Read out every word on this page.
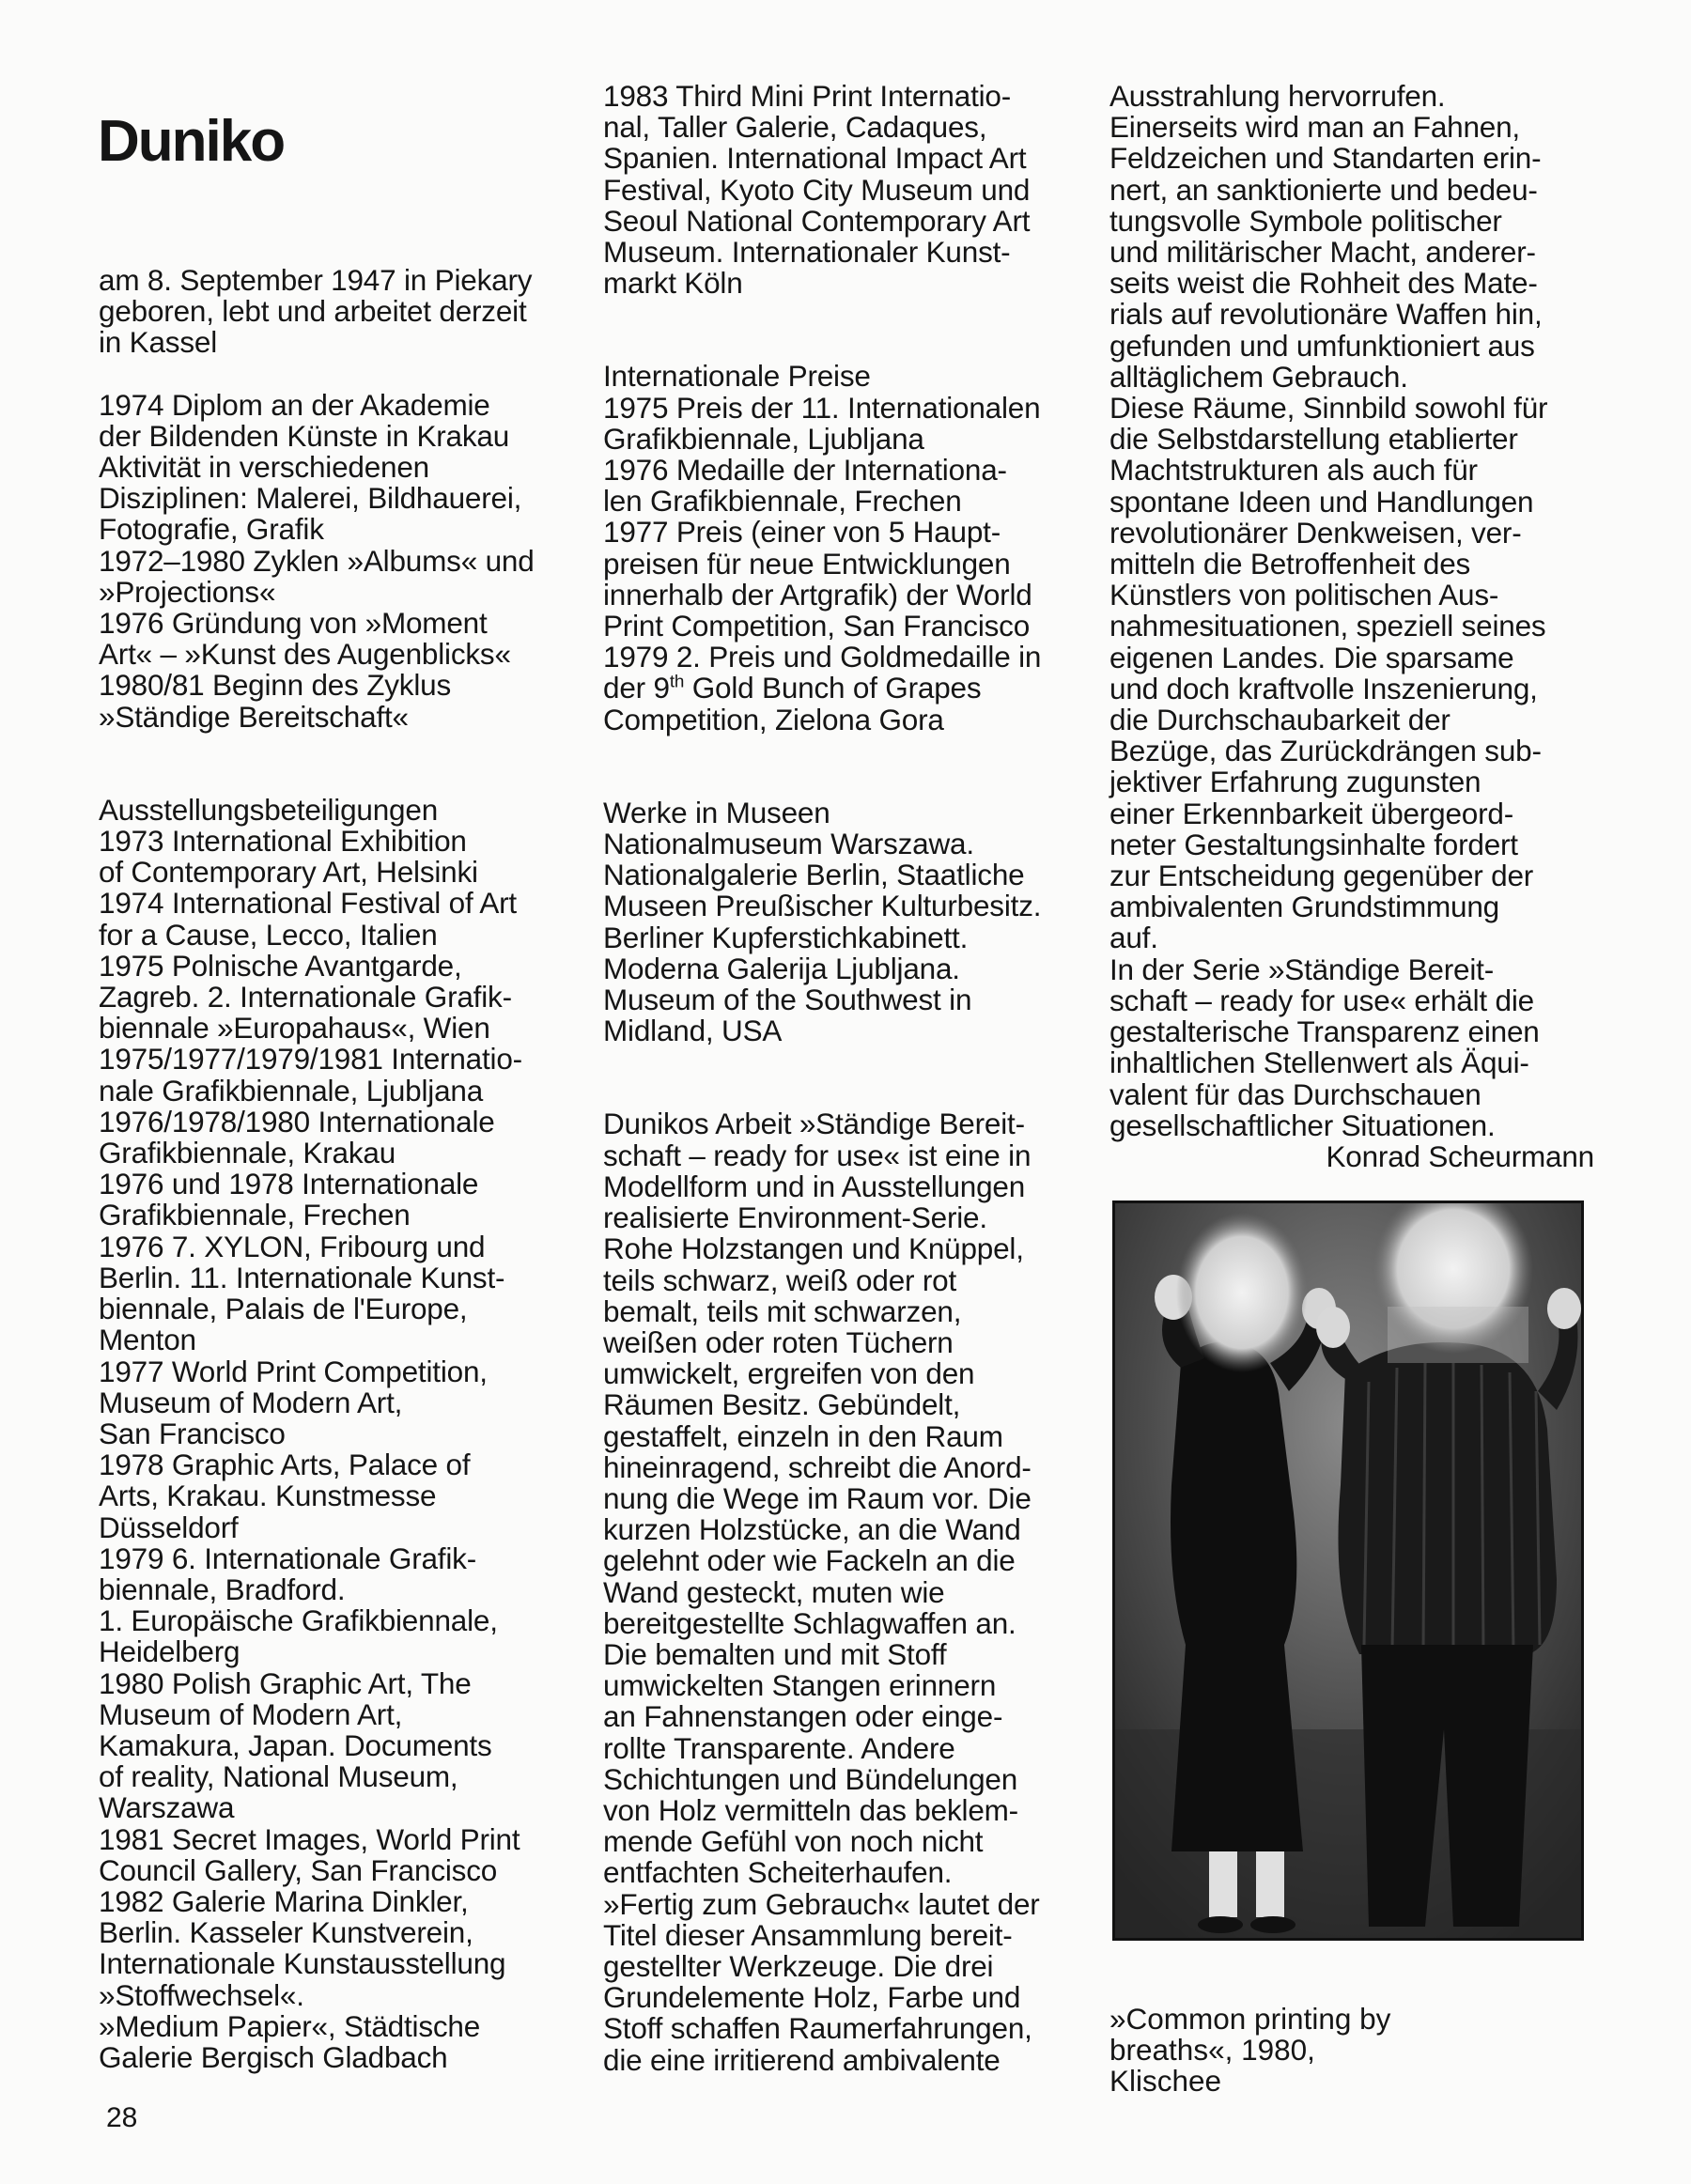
Duniko

am 8. September 1947 in Piekary
geboren, lebt und arbeitet derzeit
in Kassel

1974 Diplom an der Akademie
der Bildenden Künste in Krakau
Aktivität in verschiedenen
Disziplinen: Malerei, Bildhauerei,
Fotografie, Grafik
1972–1980 Zyklen »Albums« und
»Projections«
1976 Gründung von »Moment
Art« – »Kunst des Augenblicks«
1980/81 Beginn des Zyklus
»Ständige Bereitschaft«

Ausstellungsbeteiligungen

1973 International Exhibition
of Contemporary Art, Helsinki
1974 International Festival of Art
for a Cause, Lecco, Italien
1975 Polnische Avantgarde,
Zagreb. 2. Internationale Grafik-
biennale »Europahaus«, Wien
1975/1977/1979/1981 Internatio-
nale Grafikbiennale, Ljubljana
1976/1978/1980 Internationale
Grafikbiennale, Krakau
1976 und 1978 Internationale
Grafikbiennale, Frechen
1976 7. XYLON, Fribourg und
Berlin. 11. Internationale Kunst-
biennale, Palais de l'Europe,
Menton
1977 World Print Competition,
Museum of Modern Art,
San Francisco
1978 Graphic Arts, Palace of
Arts, Krakau. Kunstmesse
Düsseldorf
1979 6. Internationale Grafik-
biennale, Bradford.
1. Europäische Grafikbiennale,
Heidelberg
1980 Polish Graphic Art, The
Museum of Modern Art,
Kamakura, Japan. Documents
of reality, National Museum,
Warszawa
1981 Secret Images, World Print
Council Gallery, San Francisco
1982 Galerie Marina Dinkler,
Berlin. Kasseler Kunstverein,
Internationale Kunstausstellung
»Stoffwechsel«.
»Medium Papier«, Städtische
Galerie Bergisch Gladbach

1983 Third Mini Print Internatio-
nal, Taller Galerie, Cadaques,
Spanien. International Impact Art
Festival, Kyoto City Museum und
Seoul National Contemporary Art
Museum. Internationaler Kunst-
markt Köln

Internationale Preise

1975 Preis der 11. Internationalen
Grafikbiennale, Ljubljana
1976 Medaille der Internationa-
len Grafikbiennale, Frechen
1977 Preis (einer von 5 Haupt-
preisen für neue Entwicklungen
innerhalb der Artgrafik) der World
Print Competition, San Francisco
1979 2. Preis und Goldmedaille in

der 9th Gold Bunch of Grapes
Competition, Zielona Gora

Werke in Museen

Nationalmuseum Warszawa.
Nationalgalerie Berlin, Staatliche
Museen Preußischer Kulturbesitz.
Berliner Kupferstichkabinett.
Moderna Galerija Ljubljana.
Museum of the Southwest in
Midland, USA

Dunikos Arbeit »Ständige Bereit-
schaft – ready for use« ist eine in
Modellform und in Ausstellungen
realisierte Environment-Serie.
Rohe Holzstangen und Knüppel,
teils schwarz, weiß oder rot
bemalt, teils mit schwarzen,
weißen oder roten Tüchern
umwickelt, ergreifen von den
Räumen Besitz. Gebündelt,
gestaffelt, einzeln in den Raum
hineinragend, schreibt die Anord-
nung die Wege im Raum vor. Die
kurzen Holzstücke, an die Wand
gelehnt oder wie Fackeln an die
Wand gesteckt, muten wie
bereitgestellte Schlagwaffen an.
Die bemalten und mit Stoff
umwickelten Stangen erinnern
an Fahnenstangen oder einge-
rollte Transparente. Andere
Schichtungen und Bündelungen
von Holz vermitteln das beklem-
mende Gefühl von noch nicht
entfachten Scheiterhaufen.
»Fertig zum Gebrauch« lautet der
Titel dieser Ansammlung bereit-
gestellter Werkzeuge. Die drei
Grundelemente Holz, Farbe und
Stoff schaffen Raumerfahrungen,
die eine irritierend ambivalente

Ausstrahlung hervorrufen.
Einerseits wird man an Fahnen,
Feldzeichen und Standarten erin-
nert, an sanktionierte und bedeu-
tungsvolle Symbole politischer
und militärischer Macht, anderer-
seits weist die Rohheit des Mate-
rials auf revolutionäre Waffen hin,
gefunden und umfunktioniert aus
alltäglichem Gebrauch.
Diese Räume, Sinnbild sowohl für
die Selbstdarstellung etablierter
Machtstrukturen als auch für
spontane Ideen und Handlungen
revolutionärer Denkweisen, ver-
mitteln die Betroffenheit des
Künstlers von politischen Aus-
nahmesituationen, speziell seines
eigenen Landes. Die sparsame
und doch kraftvolle Inszenierung,
die Durchschaubarkeit der
Bezüge, das Zurückdrängen sub-
jektiver Erfahrung zugunsten
einer Erkennbarkeit übergeord-
neter Gestaltungsinhalte fordert
zur Entscheidung gegenüber der
ambivalenten Grundstimmung
auf.
In der Serie »Ständige Bereit-
schaft – ready for use« erhält die
gestalterische Transparenz einen
inhaltlichen Stellenwert als Äqui-
valent für das Durchschauen
gesellschaftlicher Situationen.

Konrad Scheurmann

»Common printing by
breaths«, 1980,
Klischee

28
